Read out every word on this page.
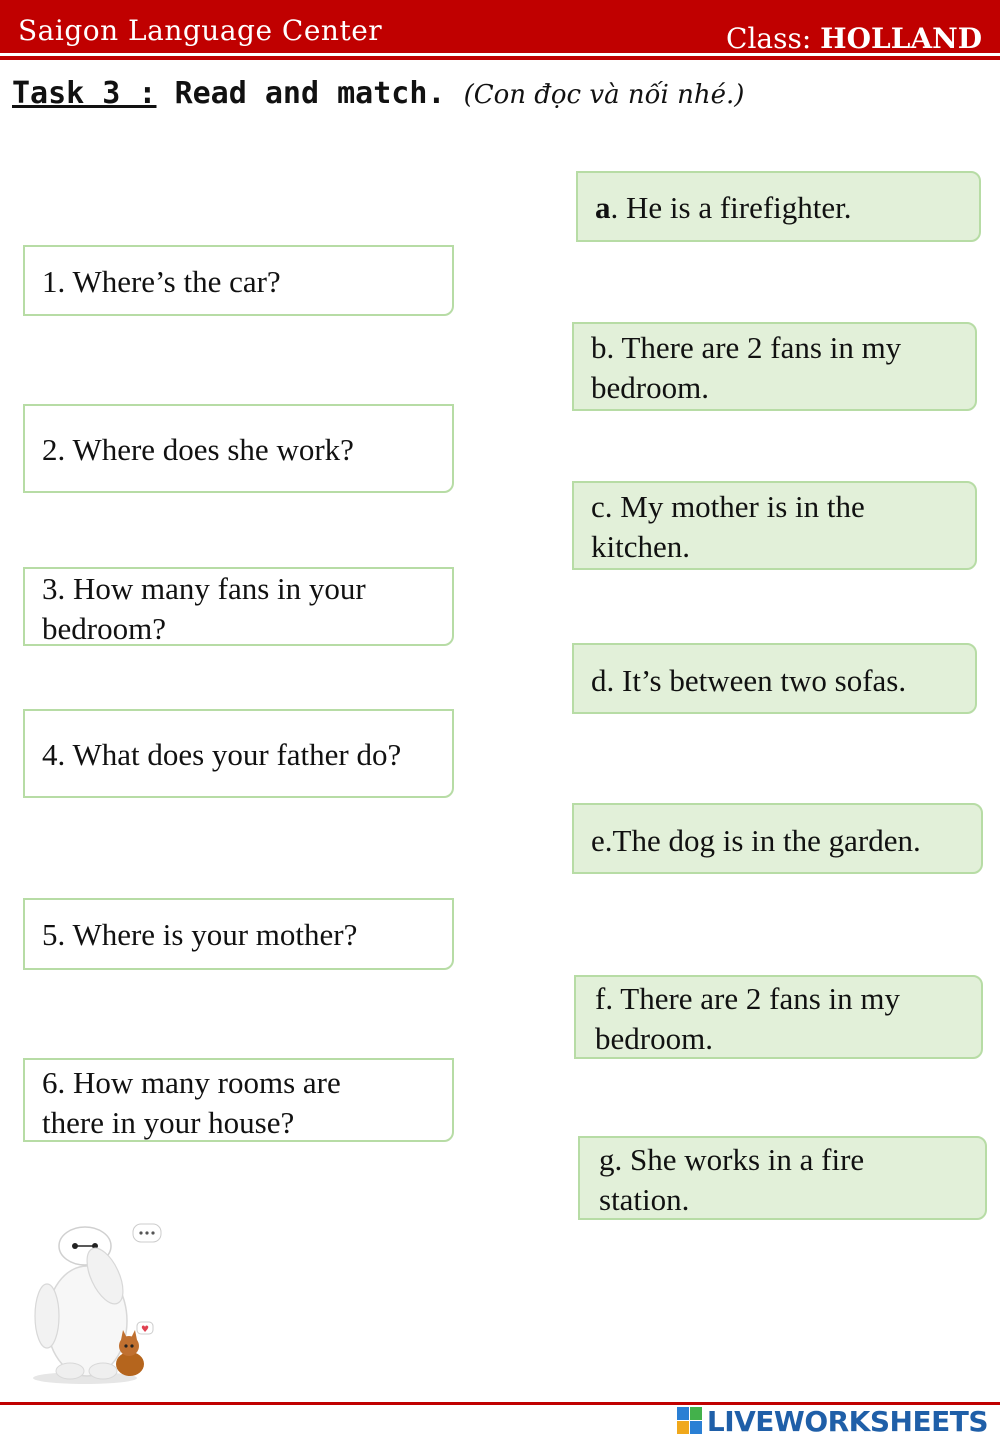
Saigon Language Center	Class: HOLLAND
Task 3 : Read and match. (Con đọc và nối nhé.)
1. Where’s the car?
2. Where does she work?
3. How many fans in your bedroom?
4. What does your father do?
5. Where is your mother?
6. How many rooms are there in your house?
a. He is a firefighter.
b. There are 2 fans in my bedroom.
c. My mother is in the kitchen.
d. It’s between two sofas.
e.The dog is in the garden.
f. There are 2 fans in my bedroom.
g. She works in a fire station.
♥
LIVEWORKSHEETS
